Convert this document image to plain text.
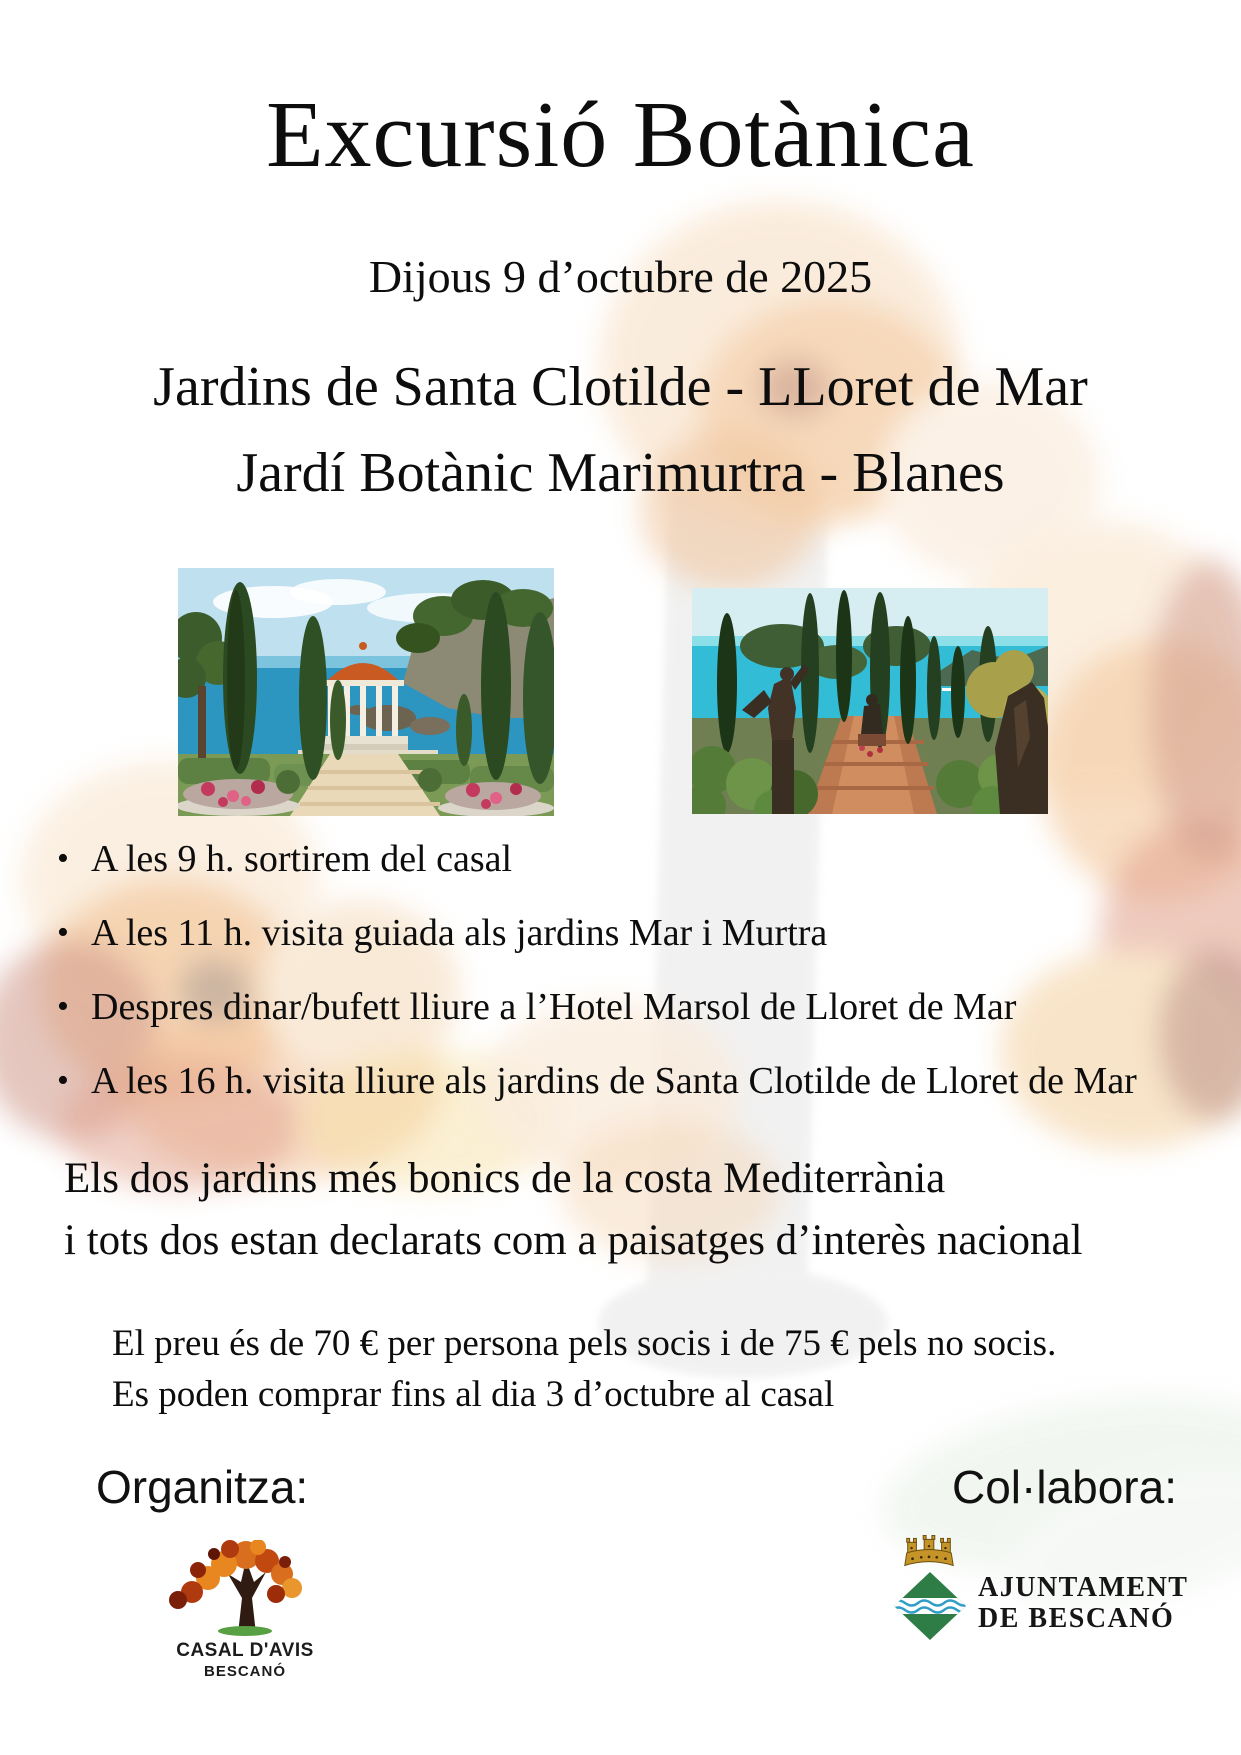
Excursió Botànica
Dijous 9 d’octubre de 2025
Jardins de Santa Clotilde - LLoret de Mar
Jardí Botànic Marimurtra - Blanes
• A les 9 h. sortirem del casal
• A les 11 h. visita guiada als jardins Mar i Murtra
• Despres dinar/bufett lliure a l’Hotel Marsol de Lloret de Mar
• A les 16 h. visita lliure als jardins de Santa Clotilde de Lloret de Mar
Els dos jardins més bonics de la costa Mediterrània
i tots dos estan declarats com a paisatges d’interès nacional
El preu és de 70 € per persona pels socis i de 75 € pels no socis.
Es poden comprar fins al dia 3 d’octubre al casal
Organitza:
CASAL D'AVIS
BESCANÓ
Col·labora:
AJUNTAMENT
DE BESCANÓ
